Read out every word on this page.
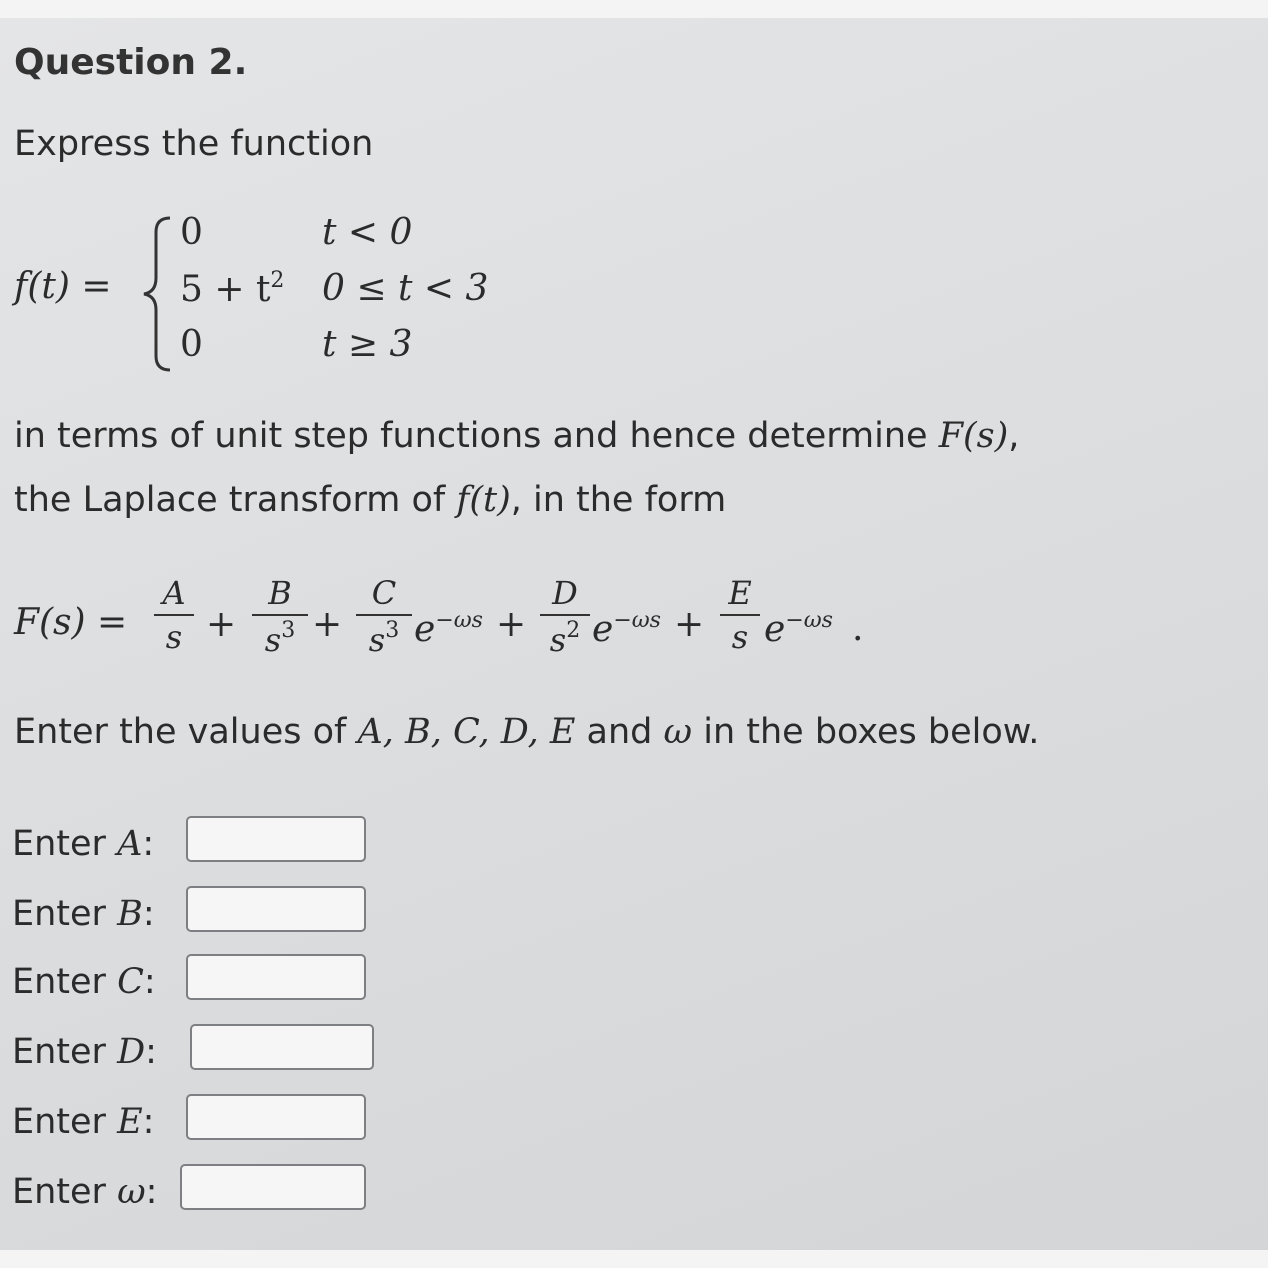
Question 2.
Express the function
f(t) =
0	t < 0
$5 + t^2$ 0 ≤ t < 3
0	t ≥ 3
in terms of unit step functions and hence determine F(s),
the Laplace transform of f(t), in the form
F(s) =
A
s +
B
$s^3$ +
C
$s^3$ $e^{-\omega s}$ +
D
$s^2$ $e^{-\omega s}$ +
E
s $e^{-\omega s}$ .
Enter the values of A, B, C, D, E and ω in the boxes below.
Enter A:
Enter B:
Enter C:
Enter D:
Enter E:
Enter ω:
